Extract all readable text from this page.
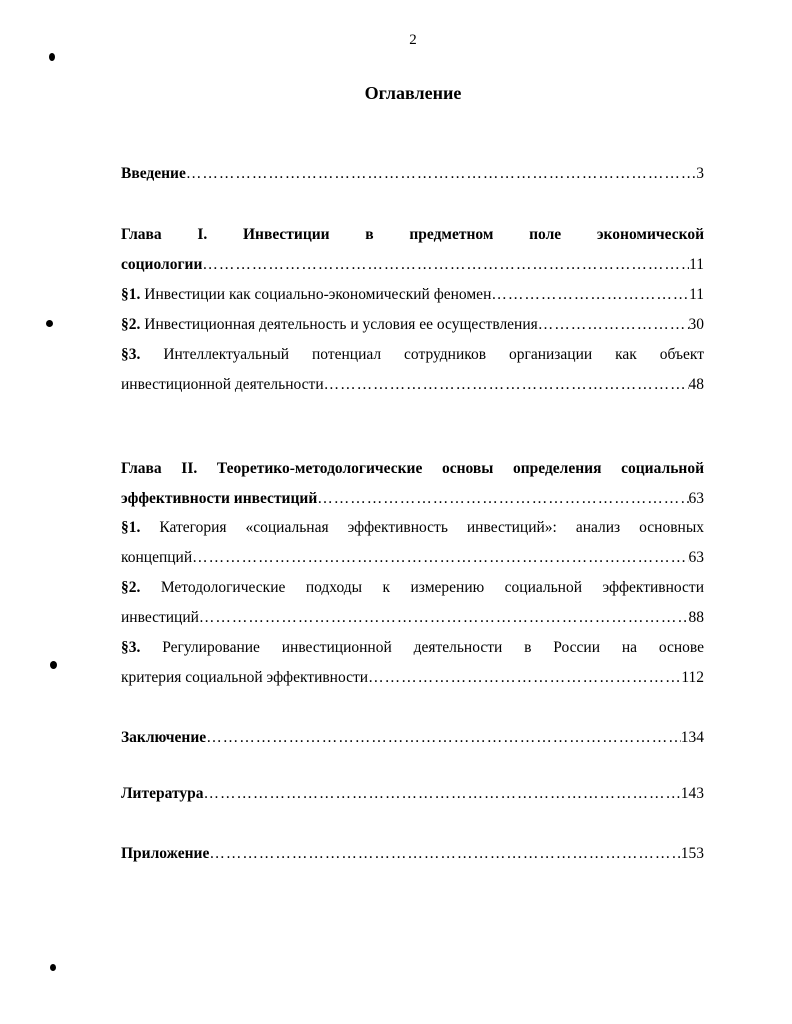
2
Оглавление
Введение ……………………………………………………………………………………………………………………………………………………………	3
Глава I. Инвестиции в предметном поле экономической
социологии ……………………………………………………………………………………………………………………………………………………………	11
§1. Инвестиции как социально-экономический феномен ……………………………………………………………………………………………………………………………………………………………	11
§2. Инвестиционная деятельность и условия ее осуществления ……………………………………………………………………………………………………………………………………………………………	30
§3. Интеллектуальный потенциал сотрудников организации как объект
инвестиционной деятельности ……………………………………………………………………………………………………………………………………………………………	48
Глава II. Теоретико-методологические основы определения социальной
эффективности инвестиций ……………………………………………………………………………………………………………………………………………………………	63
§1. Категория «социальная эффективность инвестиций»: анализ основных
концепций ……………………………………………………………………………………………………………………………………………………………	63
§2. Методологические подходы к измерению социальной эффективности
инвестиций ……………………………………………………………………………………………………………………………………………………………	88
§3. Регулирование инвестиционной деятельности в России на основе
критерия социальной эффективности ……………………………………………………………………………………………………………………………………………………………	112
Заключение ……………………………………………………………………………………………………………………………………………………………	134
Литература ……………………………………………………………………………………………………………………………………………………………	143
Приложение ……………………………………………………………………………………………………………………………………………………………	153
